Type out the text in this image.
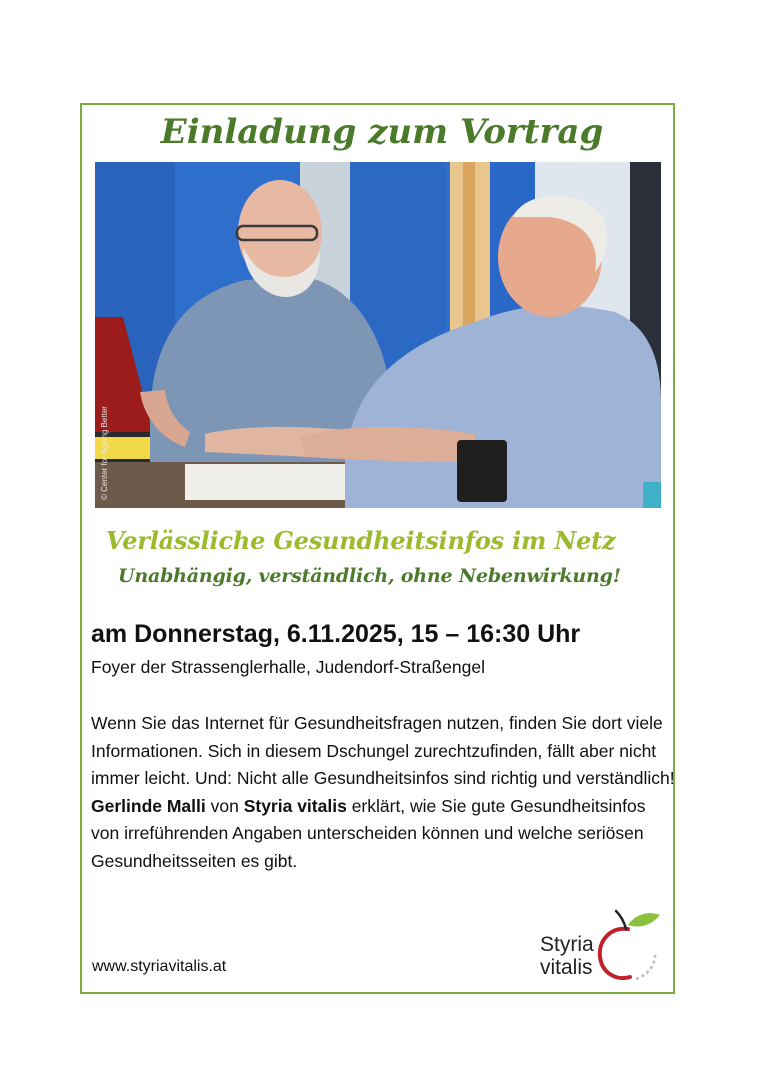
Einladung zum Vortrag
© Center for Ageing Better
Verlässliche Gesundheitsinfos im Netz
Unabhängig, verständlich, ohne Nebenwirkung!
am Donnerstag, 6.11.2025, 15 – 16:30 Uhr
Foyer der Strassenglerhalle, Judendorf-Straßengel

Wenn Sie das Internet für Gesundheitsfragen nutzen, finden Sie dort viele Informationen. Sich in diesem Dschungel zurechtzufinden, fällt aber nicht immer leicht. Und: Nicht alle Gesundheitsinfos sind richtig und verständlich!

Gerlinde Malli von Styria vitalis erklärt, wie Sie gute Gesundheitsinfos von irreführenden Angaben unterscheiden können und welche seriösen Gesundheitsseiten es gibt.

www.styriavitalis.at
Styria
vitalis
